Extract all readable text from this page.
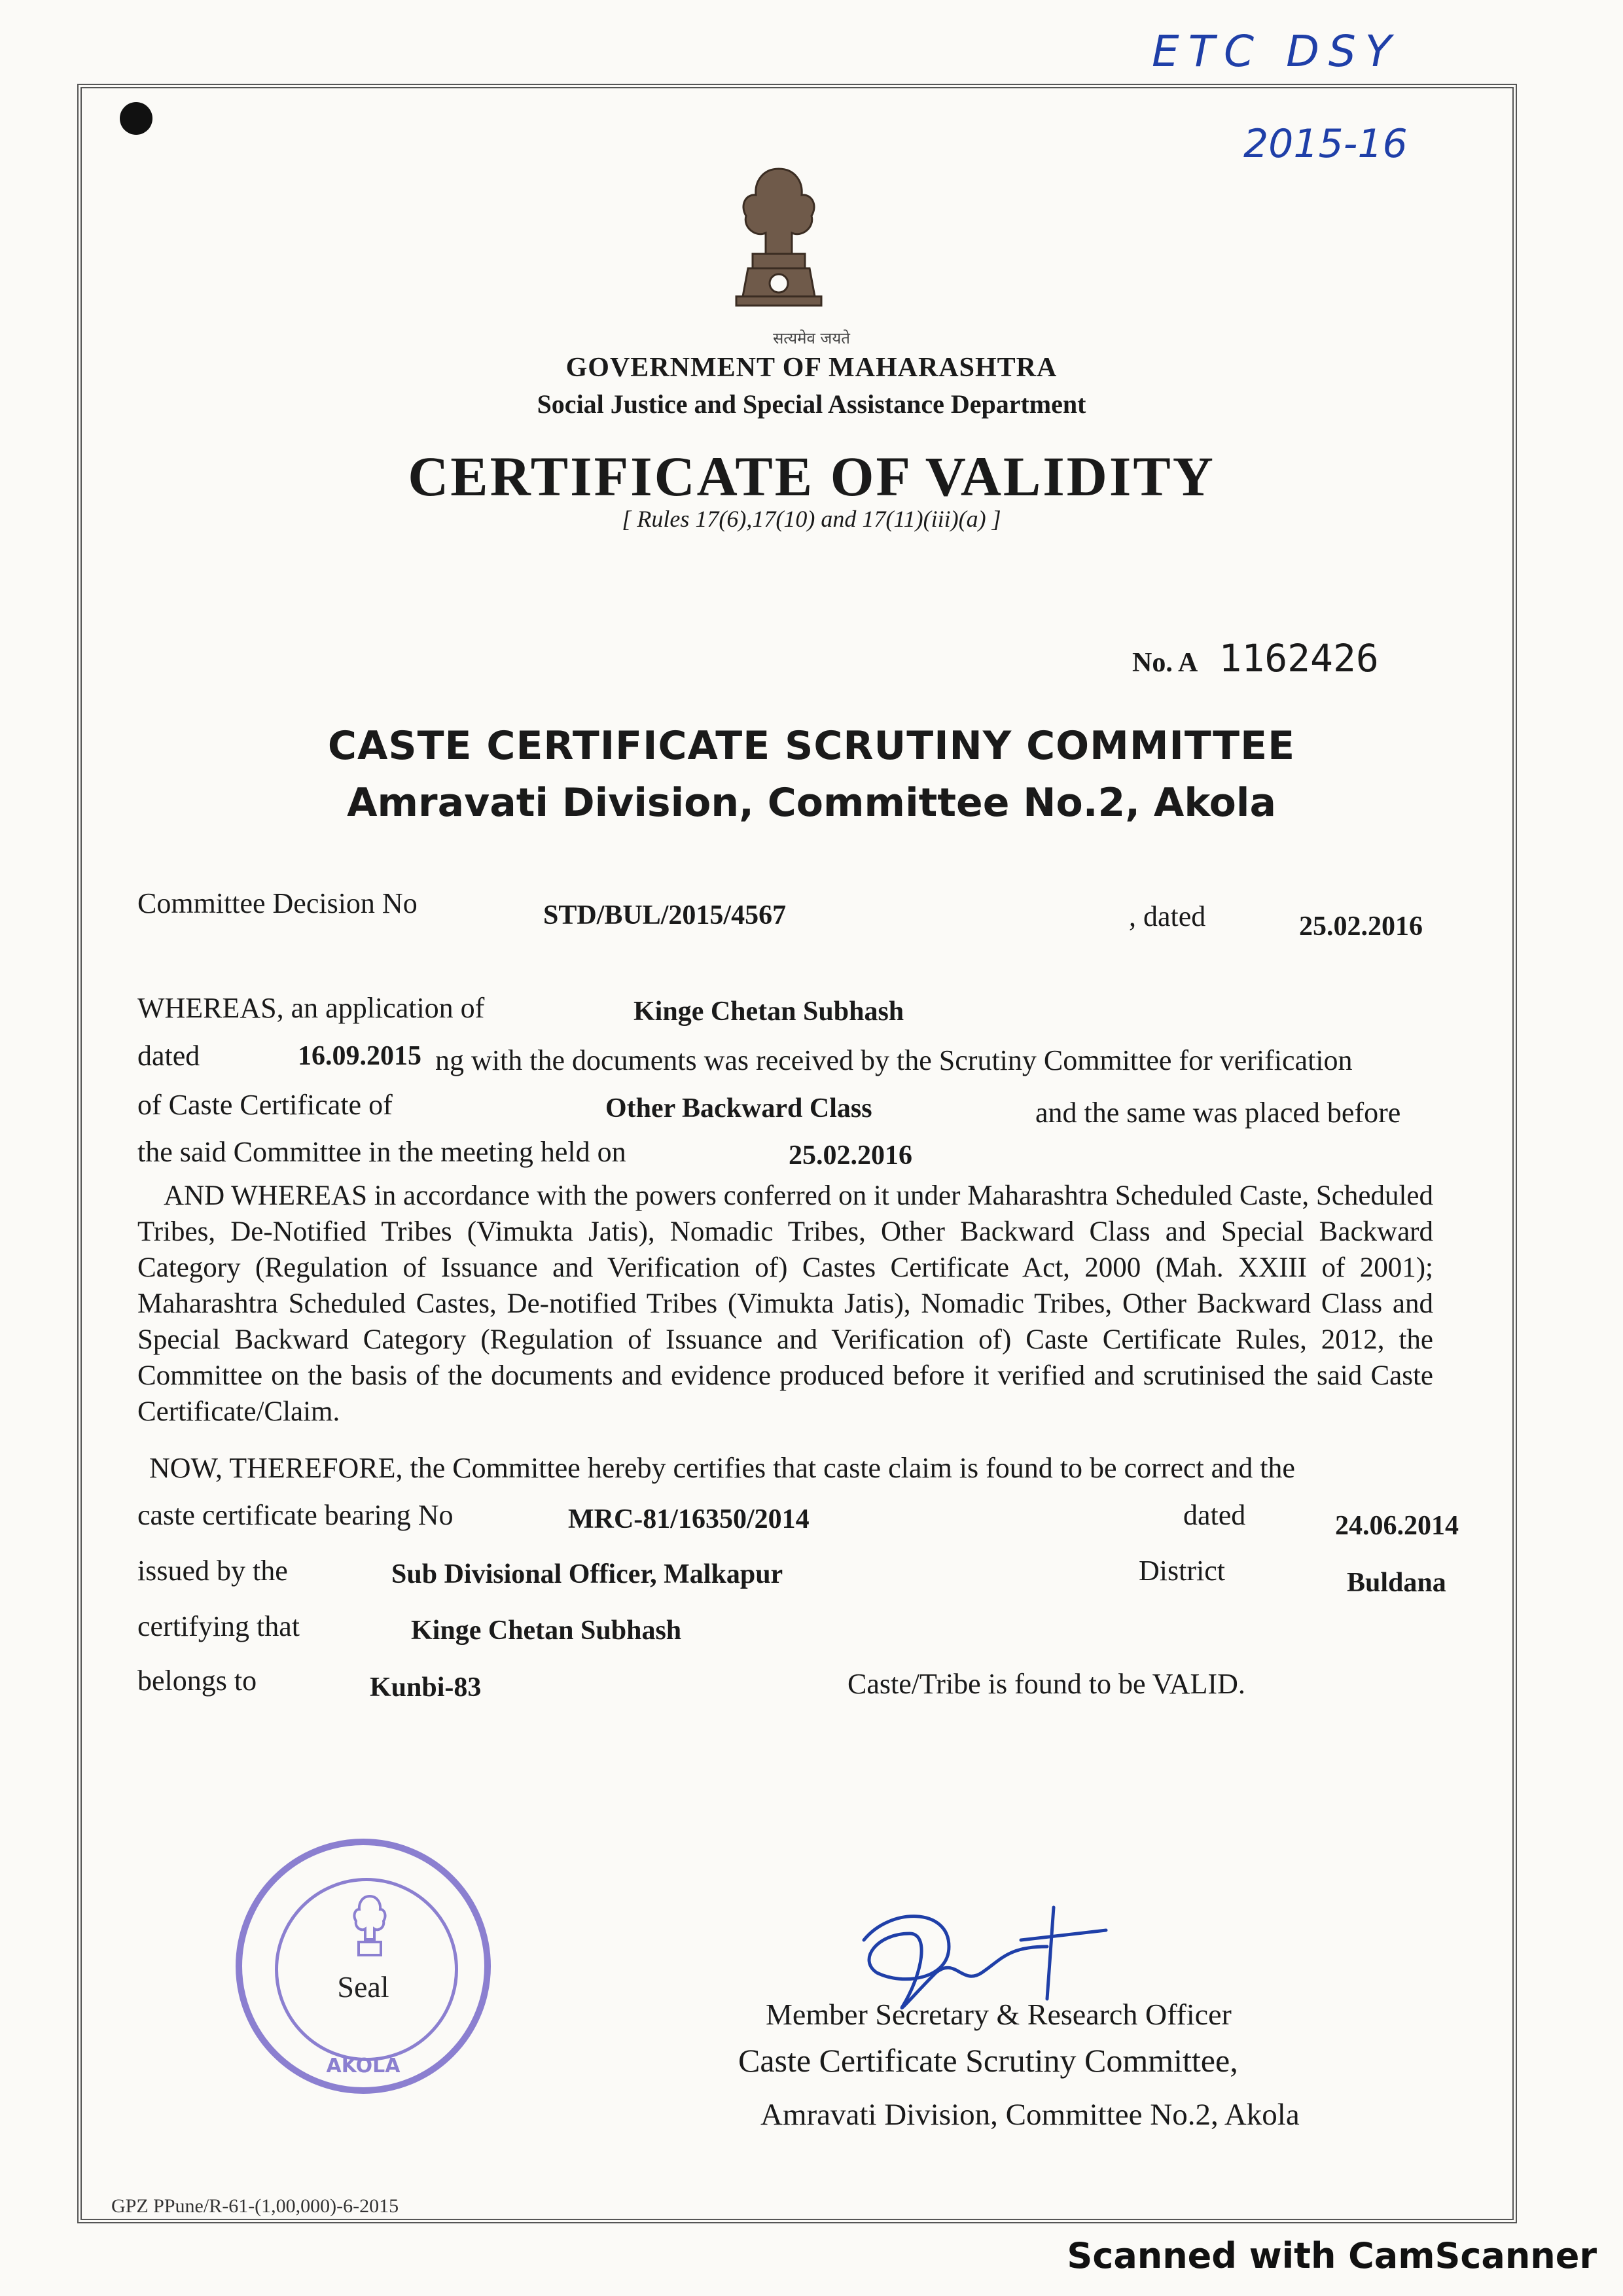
ETC DSY
2015-16
सत्यमेव जयते
GOVERNMENT OF MAHARASHTRA
Social Justice and Special Assistance Department
CERTIFICATE OF VALIDITY
[ Rules 17(6),17(10) and 17(11)(iii)(a) ]
No. A 1162426
CASTE CERTIFICATE SCRUTINY COMMITTEE
Amravati Division, Committee No.2, Akola
Committee Decision No	STD/BUL/2015/4567	, dated	25.02.2016
WHEREAS, an application of	Kinge Chetan Subhash
dated	16.09.2015 ng with the documents was received by the Scrutiny Committee for verification
of Caste Certificate of	Other Backward Class	and the same was placed before
the said Committee in the meeting held on	25.02.2016
AND WHEREAS in accordance with the powers conferred on it under Maharashtra Scheduled Caste, Scheduled Tribes, De-Notified Tribes (Vimukta Jatis), Nomadic Tribes, Other Backward Class and Special Backward Category (Regulation of Issuance and Verification of) Castes Certificate Act, 2000 (Mah. XXIII of 2001); Maharashtra Scheduled Castes, De-notified Tribes (Vimukta Jatis), Nomadic Tribes, Other Backward Class and Special Backward Category (Regulation of Issuance and Verification of) Caste Certificate Rules, 2012, the Committee on the basis of the documents and evidence produced before it verified and scrutinised the said Caste Certificate/Claim.
NOW, THEREFORE, the Committee hereby certifies that caste claim is found to be correct and the
caste certificate bearing No	MRC-81/16350/2014	dated	24.06.2014
issued by the	Sub Divisional Officer, Malkapur	District	Buldana
certifying that	Kinge Chetan Subhash
belongs to	Kunbi-83	Caste/Tribe is found to be VALID.
Seal
AKOLA
Member Secretary & Research Officer
Caste Certificate Scrutiny Committee,
Amravati Division, Committee No.2, Akola
GPZ PPune/R-61-(1,00,000)-6-2015
Scanned with CamScanner
